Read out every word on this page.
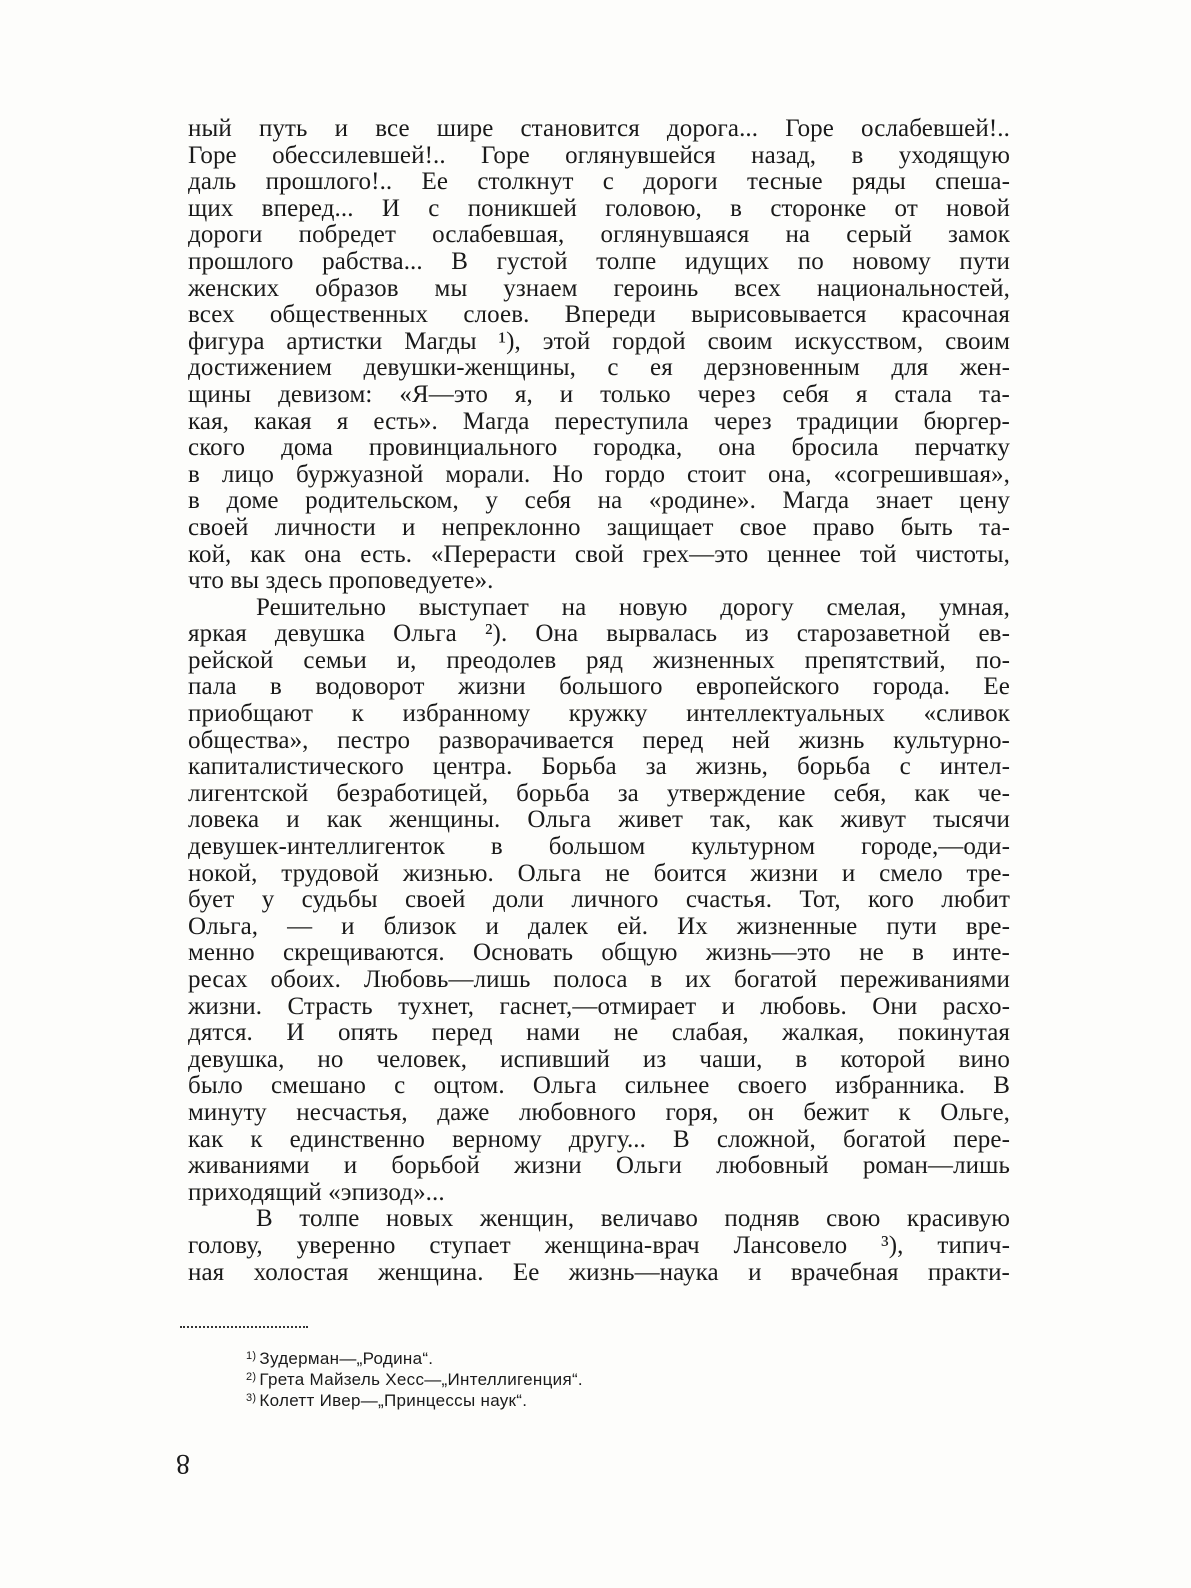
ный путь и все шире становится дорога... Горе ослабевшей!..
Горе обессилевшей!.. Горе оглянувшейся назад, в уходящую
даль прошлого!.. Ее столкнут с дороги тесные ряды спеша-
щих вперед... И с поникшей головою, в сторонке от новой
дороги побредет ослабевшая, оглянувшаяся на серый замок
прошлого рабства... В густой толпе идущих по новому пути
женских образов мы узнаем героинь всех национальностей,
всех общественных слоев. Впереди вырисовывается красочная
фигура артистки Магды ¹), этой гордой своим искусством, своим
достижением девушки-женщины, с ея дерзновенным для жен-
щины девизом: «Я—это я, и только через себя я стала та-
кая, какая я есть». Магда переступила через традиции бюргер-
ского дома провинциального городка, она бросила перчатку
в лицо буржуазной морали. Но гордо стоит она, «согрешившая»,
в доме родительском, у себя на «родине». Магда знает цену
своей личности и непреклонно защищает свое право быть та-
кой, как она есть. «Перерасти свой грех—это ценнее той чистоты,
что вы здесь проповедуете».
Решительно выступает на новую дорогу смелая, умная,
яркая девушка Ольга ²). Она вырвалась из старозаветной ев-
рейской семьи и, преодолев ряд жизненных препятствий, по-
пала в водоворот жизни большого европейского города. Ее
приобщают к избранному кружку интеллектуальных «сливок
общества», пестро разворачивается перед ней жизнь культурно-
капиталистического центра. Борьба за жизнь, борьба с интел-
лигентской безработицей, борьба за утверждение себя, как че-
ловека и как женщины. Ольга живет так, как живут тысячи
девушек-интеллигенток в большом культурном городе,—оди-
нокой, трудовой жизнью. Ольга не боится жизни и смело тре-
бует у судьбы своей доли личного счастья. Тот, кого любит
Ольга, — и близок и далек ей. Их жизненные пути вре-
менно скрещиваются. Основать общую жизнь—это не в инте-
ресах обоих. Любовь—лишь полоса в их богатой переживаниями
жизни. Страсть тухнет, гаснет,—отмирает и любовь. Они расхо-
дятся. И опять перед нами не слабая, жалкая, покинутая
девушка, но человек, испивший из чаши, в которой вино
было смешано с оцтом. Ольга сильнее своего избранника. В
минуту несчастья, даже любовного горя, он бежит к Ольге,
как к единственно верному другу... В сложной, богатой пере-
живаниями и борьбой жизни Ольги любовный роман—лишь
приходящий «эпизод»...
В толпе новых женщин, величаво подняв свою красивую
голову, уверенно ступает женщина-врач Лансовело ³), типич-
ная холостая женщина. Ее жизнь—наука и врачебная практи-
$^{1)}$ Зудерман—„Родина“.
$^{2)}$ Грета Майзель Хесс—„Интеллигенция“.
$^{3)}$ Колетт Ивер—„Принцессы наук“.
8
